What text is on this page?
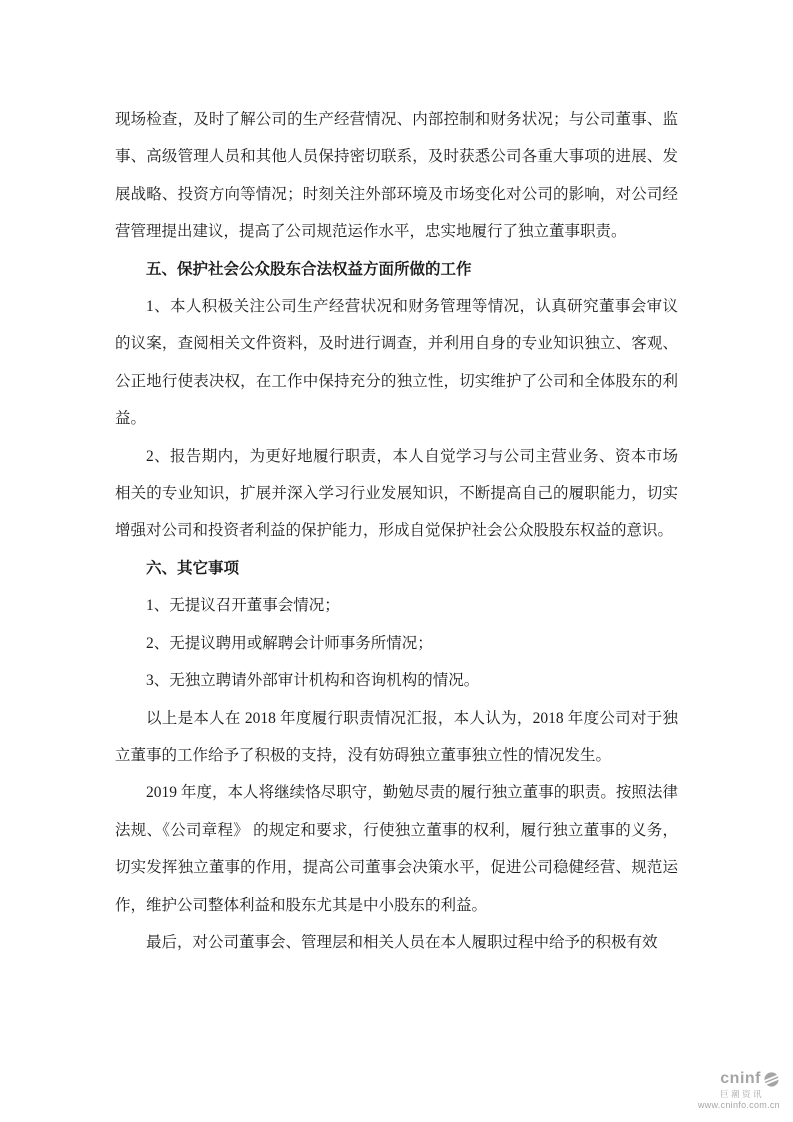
现场检查，及时了解公司的生产经营情况、内部控制和财务状况；与公司董事、监事、高级管理人员和其他人员保持密切联系，及时获悉公司各重大事项的进展、发展战略、投资方向等情况；时刻关注外部环境及市场变化对公司的影响，对公司经营管理提出建议，提高了公司规范运作水平，忠实地履行了独立董事职责。

五、保护社会公众股东合法权益方面所做的工作

1、本人积极关注公司生产经营状况和财务管理等情况，认真研究董事会审议的议案，查阅相关文件资料，及时进行调查，并利用自身的专业知识独立、客观、公正地行使表决权，在工作中保持充分的独立性，切实维护了公司和全体股东的利益。

2、报告期内，为更好地履行职责，本人自觉学习与公司主营业务、资本市场相关的专业知识，扩展并深入学习行业发展知识，不断提高自己的履职能力，切实增强对公司和投资者利益的保护能力，形成自觉保护社会公众股股东权益的意识。

六、其它事项

1、无提议召开董事会情况；

2、无提议聘用或解聘会计师事务所情况；

3、无独立聘请外部审计机构和咨询机构的情况。

以上是本人在 2018 年度履行职责情况汇报，本人认为，2018 年度公司对于独立董事的工作给予了积极的支持，没有妨碍独立董事独立性的情况发生。

2019 年度，本人将继续恪尽职守，勤勉尽责的履行独立董事的职责。按照法律法规、《公司章程》 的规定和要求，行使独立董事的权利，履行独立董事的义务，切实发挥独立董事的作用，提高公司董事会决策水平，促进公司稳健经营、规范运作，维护公司整体利益和股东尤其是中小股东的利益。

最后，对公司董事会、管理层和相关人员在本人履职过程中给予的积极有效

cninf
巨潮资讯
www.cninfo.com.cn
